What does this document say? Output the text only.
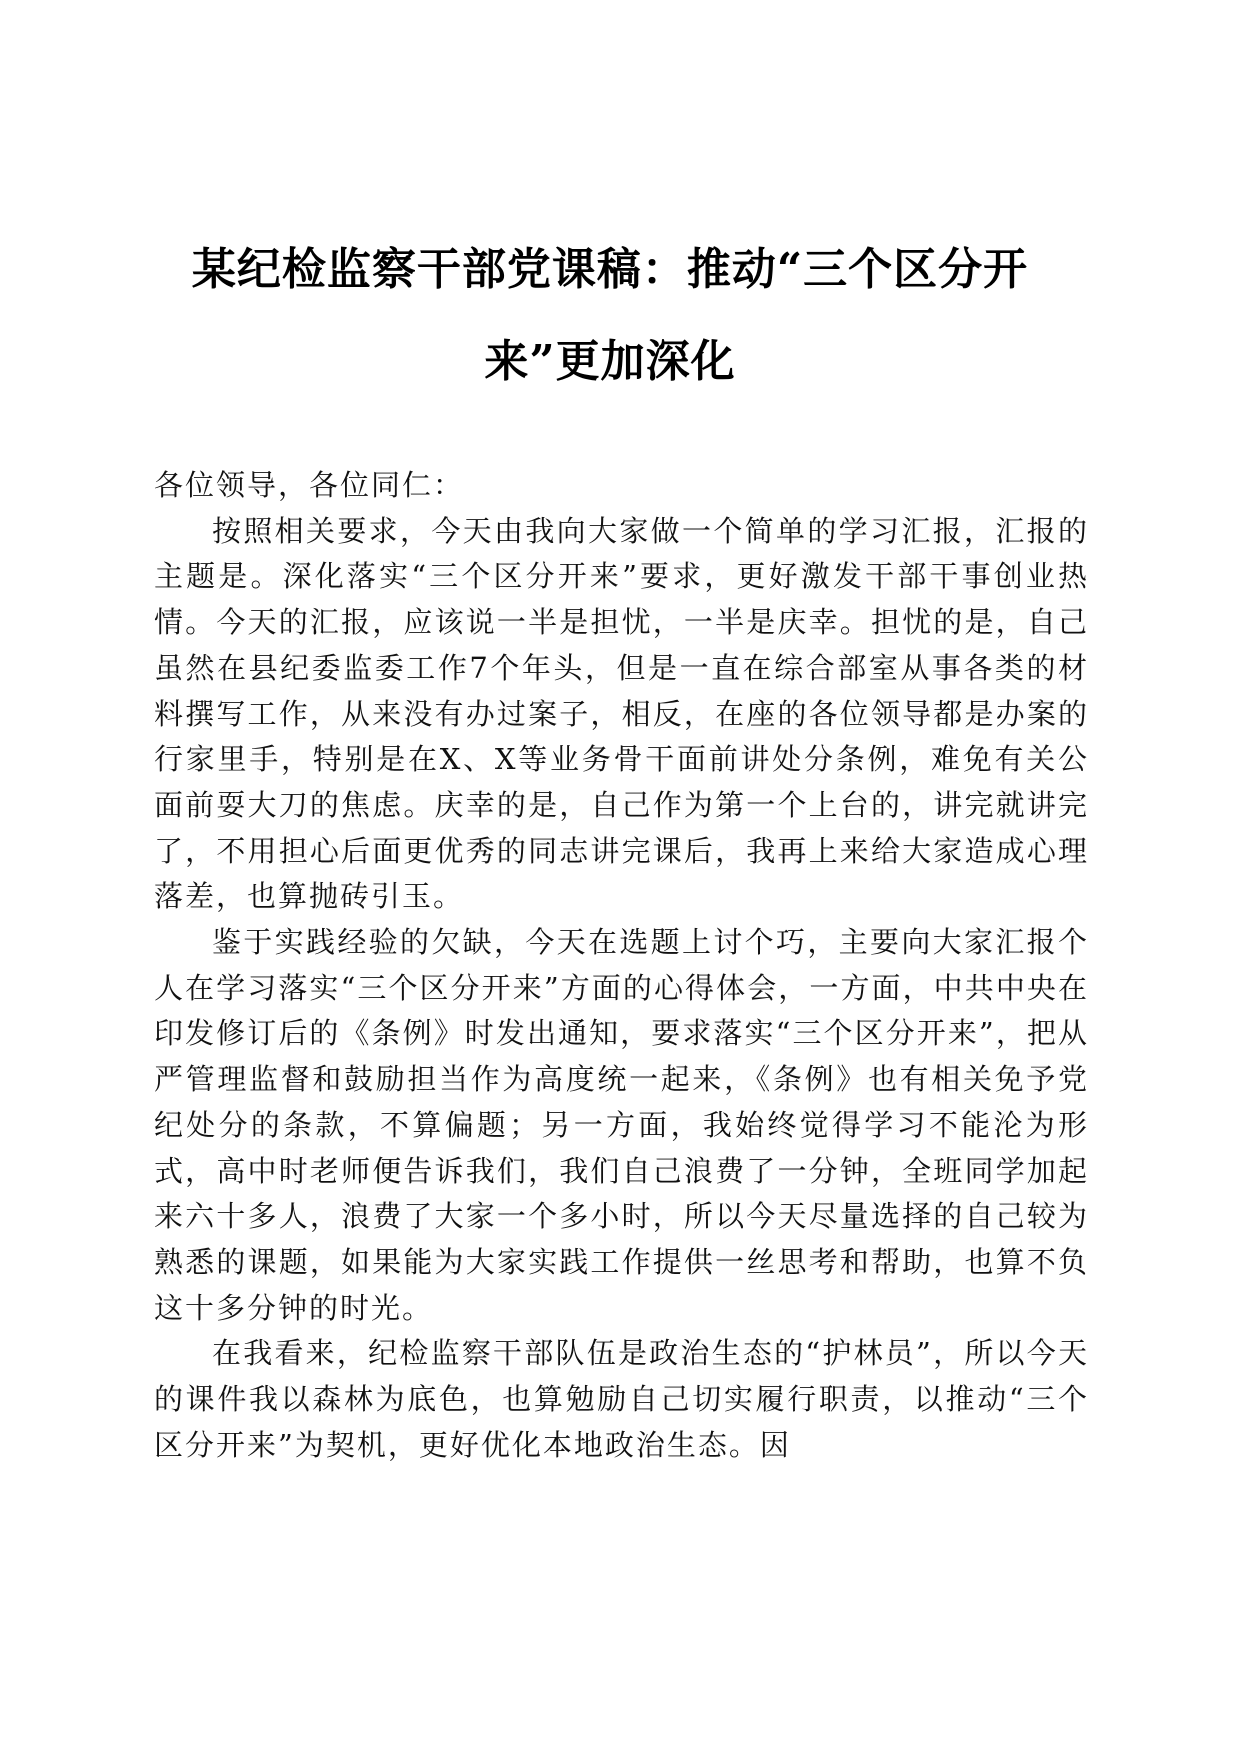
某纪检监察干部党课稿：推动“三个区分开
来”更加深化

各位领导，各位同仁：

按照相关要求，今天由我向大家做一个简单的学习汇报，汇报的主题是。深化落实“三个区分开来”要求，更好激发干部干事创业热情。今天的汇报，应该说一半是担忧，一半是庆幸。担忧的是，自己虽然在县纪委监委工作7个年头，但是一直在综合部室从事各类的材料撰写工作，从来没有办过案子，相反，在座的各位领导都是办案的行家里手，特别是在X、X等业务骨干面前讲处分条例，难免有关公面前耍大刀的焦虑。庆幸的是，自己作为第一个上台的，讲完就讲完了，不用担心后面更优秀的同志讲完课后，我再上来给大家造成心理落差，也算抛砖引玉。

鉴于实践经验的欠缺，今天在选题上讨个巧，主要向大家汇报个人在学习落实“三个区分开来”方面的心得体会，一方面，中共中央在印发修订后的《条例》时发出通知，要求落实“三个区分开来”，把从严管理监督和鼓励担当作为高度统一起来，《条例》也有相关免予党纪处分的条款，不算偏题；另一方面，我始终觉得学习不能沦为形式，高中时老师便告诉我们，我们自己浪费了一分钟，全班同学加起来六十多人，浪费了大家一个多小时，所以今天尽量选择的自己较为熟悉的课题，如果能为大家实践工作提供一丝思考和帮助，也算不负这十多分钟的时光。

在我看来，纪检监察干部队伍是政治生态的“护林员”，所以今天的课件我以森林为底色，也算勉励自己切实履行职责，以推动“三个区分开来”为契机，更好优化本地政治生态。因
